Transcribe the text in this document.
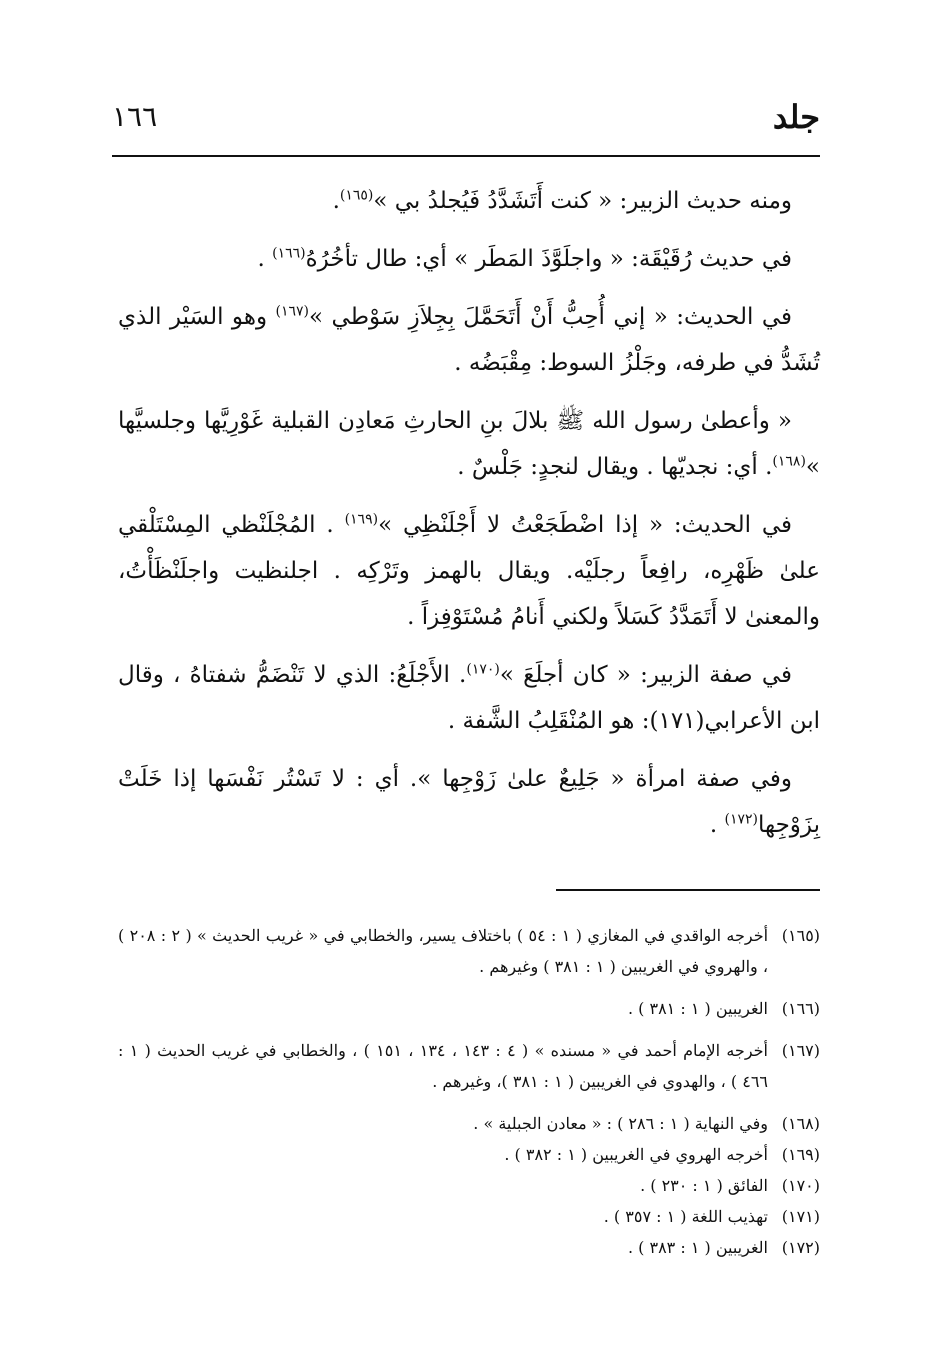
جلد
١٦٦

ومنه حديث الزبير: « كنت أَتَشَدَّدُ فَيُجلدُ بي »$^{(١٦٥)}$.

في حديث رُقَيْقَة: « واجلَوَّذَ المَطَر » أي: طال تأخُرُهُ$^{(١٦٦)}$ .

في الحديث: « إني أُحِبُّ أَنْ أَتَحَمَّلَ بِجِلاَزِ سَوْطي »$^{(١٦٧)}$ وهو السَيْر الذي تُشَدُّ في طرفه، وجَلْزُ السوط: مِقْبَضُه .

« وأعطىٰ رسول الله ﷺ بلالَ بنِ الحارثِ مَعادِن القبلية غَوْرِيَّها وجلسيَّها »$^{(١٦٨)}$. أي: نجديّها . ويقال لنجدٍ: جَلْسٌ .

في الحديث: « إذا اضْطَجَعْتُ لا أَجْلَنْظِي »$^{(١٦٩)}$ . المُجْلَنْظي المِسْتَلْقي علىٰ ظَهْرِه، رافِعاً رجلَيْه. ويقال بالهمز وتَرْكِه . اجلنظيت واجلَنْظَأْتُ، والمعنىٰ لا أَتَمَدَّدُ كَسَلاً ولكني أَنامُ مُسْتَوْفِزاً .

في صفة الزبير: « كان أجلَعَ »$^{(١٧٠)}$. الأَجْلَعُ: الذي لا تَنْضَمُّ شفتاهُ ، وقال ابن الأعرابي(١٧١): هو المُنْقَلِبُ الشَّفة .

وفي صفة امرأة « جَلِيعٌ علىٰ زَوْجِها ». أي : لا تَسْتُر نَفْسَها إذا خَلَتْ بِزَوْجِها$^{(١٧٢)}$ .

(١٦٥)أخرجه الواقدي في المغازي ( ١ : ٥٤ ) باختلاف يسير، والخطابي في « غريب الحديث » ( ٢ : ٢٠٨ ) ، والهروي في الغريبين ( ١ : ٣٨١ ) وغيرهم .
(١٦٦)الغريبين ( ١ : ٣٨١ ) .
(١٦٧)أخرجه الإمام أحمد في « مسنده » ( ٤ : ١٤٣ ، ١٣٤ ، ١٥١ ) ، والخطابي في غريب الحديث ( ١ : ٤٦٦ ) ، والهدوي في الغريبين ( ١ : ٣٨١ )، وغيرهم .
(١٦٨)وفي النهاية ( ١ : ٢٨٦ ) : « معادن الجبلية » .
(١٦٩)أخرجه الهروي في الغريبين ( ١ : ٣٨٢ ) .
(١٧٠)الفائق ( ١ : ٢٣٠ ) .
(١٧١)تهذيب اللغة ( ١ : ٣٥٧ ) .
(١٧٢)الغريبين ( ١ : ٣٨٣ ) .
